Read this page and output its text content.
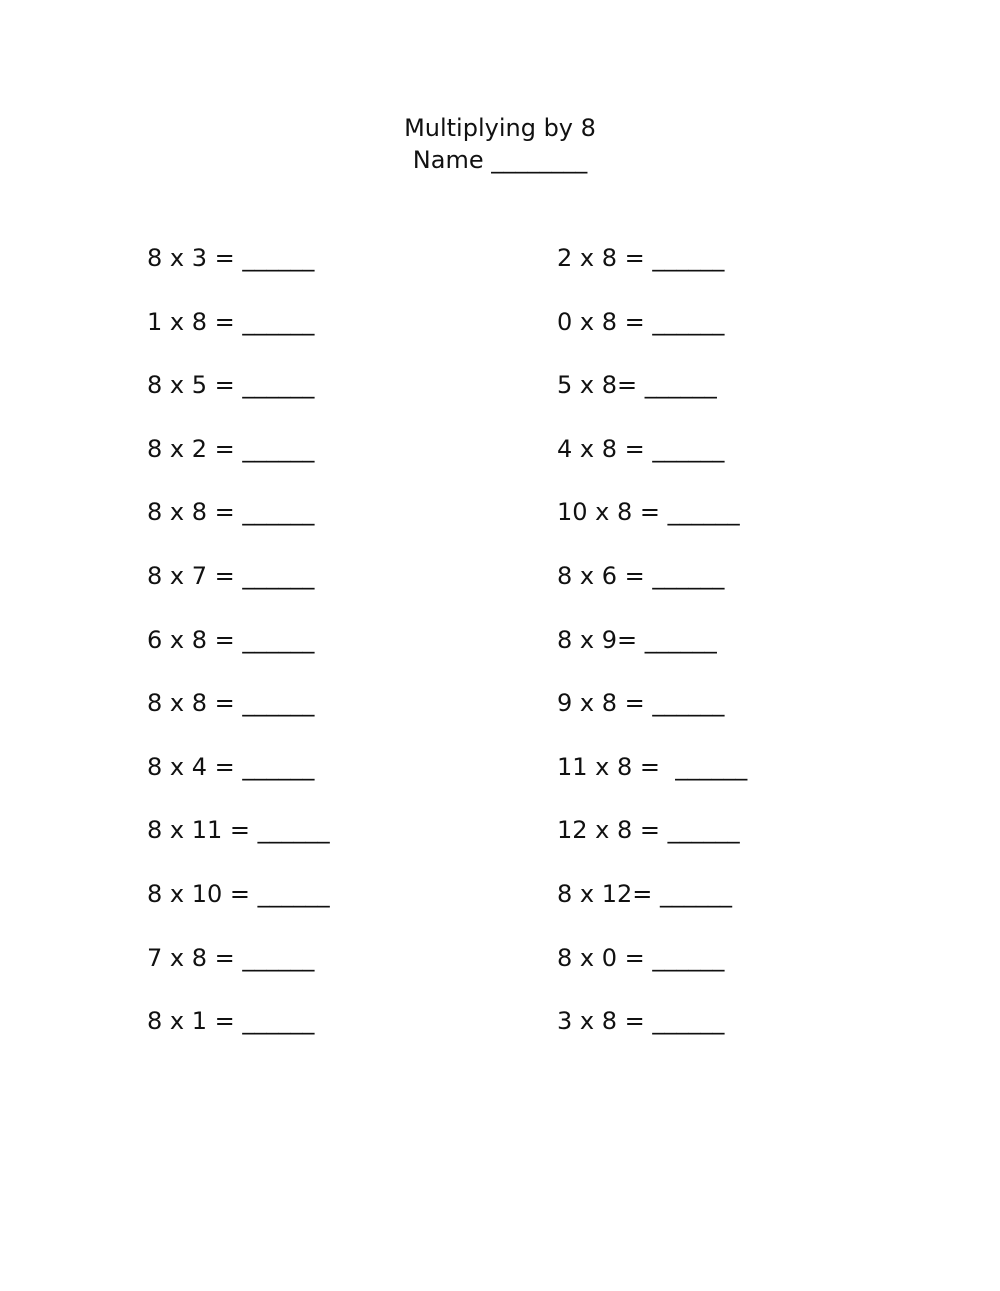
Multiplying by 8
Name ________
8 x 3 = ______
1 x 8 = ______
8 x 5 = ______
8 x 2 = ______
8 x 8 = ______
8 x 7 = ______
6 x 8 = ______
8 x 8 = ______
8 x 4 = ______
8 x 11 = ______
8 x 10 = ______
7 x 8 = ______
8 x 1 = ______
2 x 8 = ______
0 x 8 = ______
5 x 8= ______
4 x 8 = ______
10 x 8 = ______
8 x 6 = ______
8 x 9= ______
9 x 8 = ______
11 x 8 =  ______
12 x 8 = ______
8 x 12= ______
8 x 0 = ______
3 x 8 = ______
